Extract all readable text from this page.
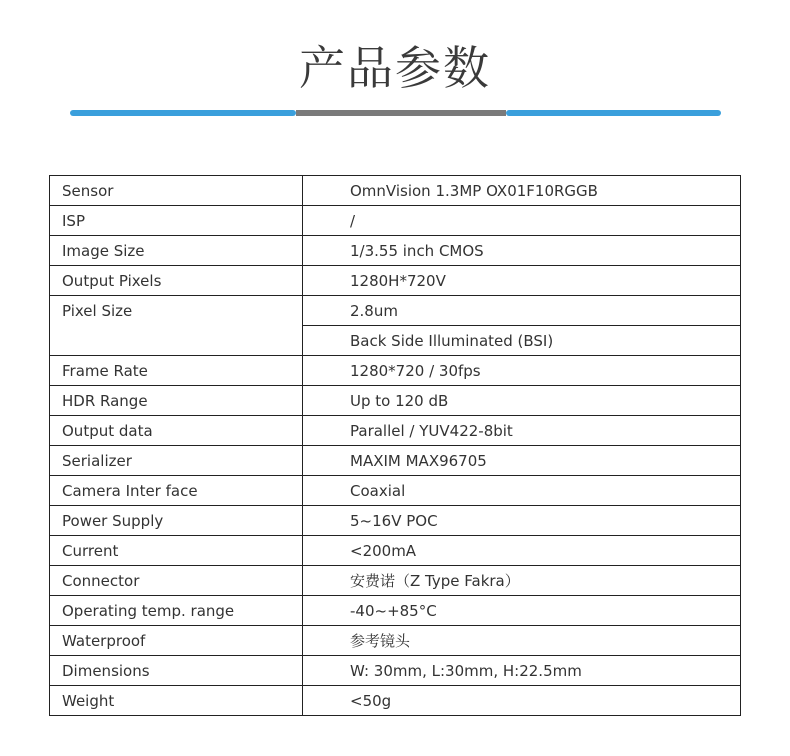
产品参数
Sensor	OmnVision 1.3MP OX01F10RGGB
ISP	/
Image Size	1/3.55 inch CMOS
Output Pixels	1280H*720V
Pixel Size	2.8um
	Back Side Illuminated (BSI)
Frame Rate	1280*720 / 30fps
HDR Range	Up to 120 dB
Output data	Parallel / YUV422-8bit
Serializer	MAXIM MAX96705
Camera Inter face	Coaxial
Power Supply	5~16V POC
Current	<200mA
Connector	安费诺（Z Type Fakra）
Operating temp. range	-40~+85°C
Waterproof	参考镜头
Dimensions	W: 30mm, L:30mm, H:22.5mm
Weight	<50g
